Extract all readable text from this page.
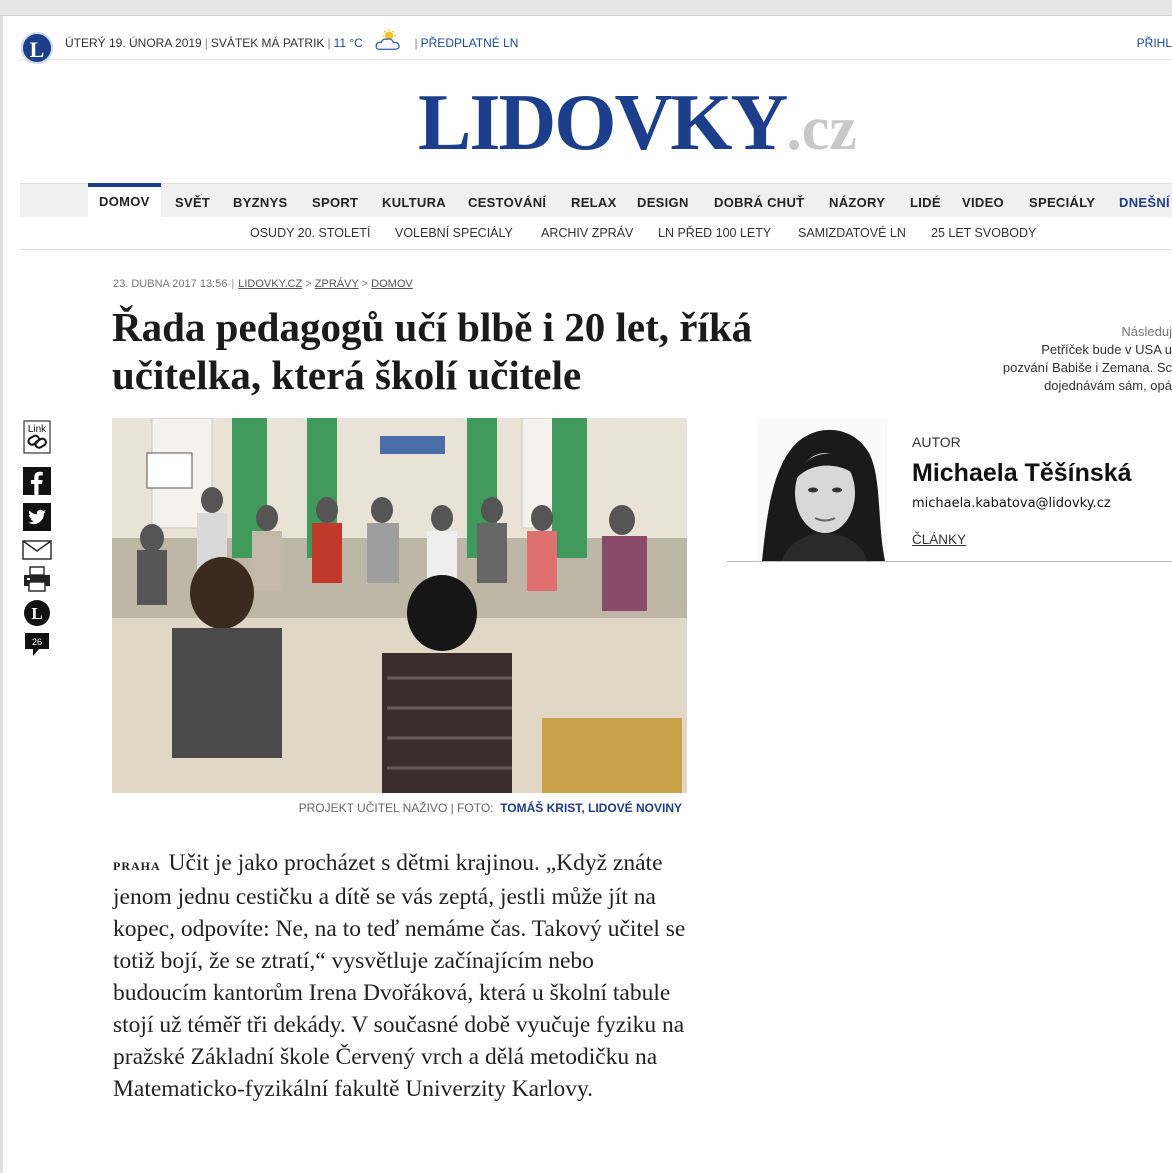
L	ÚTERÝ 19. ÚNORA 2019 | SVÁTEK MÁ PATRIK | 11 °C	| PŘEDPLATNÉ LN	PŘIHL
LIDOVKY.cz
DOMOV	SVĚT BYZNYS SPORT KULTURA CESTOVÁNÍ RELAX DESIGN DOBRÁ CHUŤ NÁZORY LIDÉ VIDEO SPECIÁLY DNEŠNÍ
OSUDY 20. STOLETÍ VOLEBNÍ SPECIÁLY ARCHIV ZPRÁV LN PŘED 100 LETY SAMIZDATOVÉ LN 25 LET SVOBODY
23. DUBNA 2017 13:56 | LIDOVKY.CZ > ZPRÁVY > DOMOV
Řada pedagogů učí blbě i 20 let, říká učitelka, která školí učitele
Následuj
Petříček bude v USA u
pozvání Babiše i Zemana. Sc
dojednávám sám, opá
Link
L
26
PROJEKT UČITEL NAŽIVO | FOTO: TOMÁŠ KRIST, LIDOVÉ NOVINY
AUTOR
Michaela Těšínská
michaela.kabatova@lidovky.cz
ČLÁNKY
praha Učit je jako procházet s dětmi krajinou. „Když znáte jenom jednu cestičku a dítě se vás zeptá, jestli může jít na kopec, odpovíte: Ne, na to teď nemáme čas. Takový učitel se totiž bojí, že se ztratí,“ vysvětluje začínajícím nebo budoucím kantorům Irena Dvořáková, která u školní tabule stojí už téměř tři dekády. V současné době vyučuje fyziku na pražské Základní škole Červený vrch a dělá metodičku na Matematicko-fyzikální fakultě Univerzity Karlovy.
